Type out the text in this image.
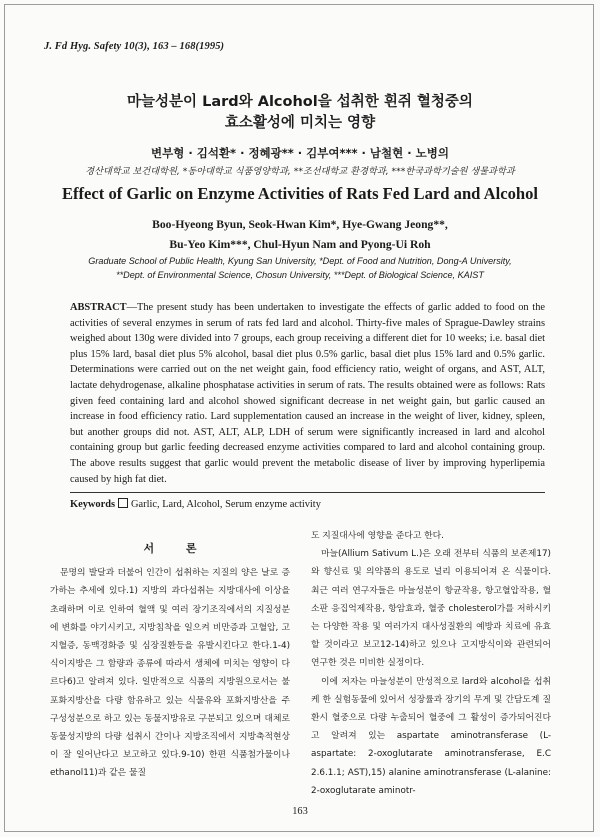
J. Fd Hyg. Safety 10(3), 163 – 168(1995)
마늘성분이 Lard와 Alcohol을 섭취한 흰쥐 혈청중의
효소활성에 미치는 영향
변부형 · 김석환* · 정혜광** · 김부여*** · 남철현 · 노병의
경산대학교 보건대학원, *동아대학교 식품영양학과, **조선대학교 환경학과, ***한국과학기술원 생물과학과
Effect of Garlic on Enzyme Activities of Rats Fed Lard and Alcohol
Boo-Hyeong Byun, Seok-Hwan Kim*, Hye-Gwang Jeong**,
Bu-Yeo Kim***, Chul-Hyun Nam and Pyong-Ui Roh
Graduate School of Public Health, Kyung San University, *Dept. of Food and Nutrition, Dong-A University,
**Dept. of Environmental Science, Chosun University, ***Dept. of Biological Science, KAIST

ABSTRACT—The present study has been undertaken to investigate the effects of garlic added to food on the activities of several enzymes in serum of rats fed lard and alcohol. Thirty-five males of Sprague-Dawley strains weighed about 130g were divided into 7 groups, each group receiving a different diet for 10 weeks; i.e. basal diet plus 15% lard, basal diet plus 5% alcohol, basal diet plus 0.5% garlic, basal diet plus 15% lard and 0.5% garlic. Determinations were carried out on the net weight gain, food efficiency ratio, weight of organs, and AST, ALT, lactate dehydrogenase, alkaline phosphatase activities in serum of rats. The results obtained were as follows: Rats given feed containing lard and alcohol showed significant decrease in net weight gain, but garlic caused an increase in food efficiency ratio. Lard supplementation caused an increase in the weight of liver, kidney, spleen, but another groups did not. AST, ALT, ALP, LDH of serum were significantly increased in lard and alcohol containing group but garlic feeding decreased enzyme activities compared to lard and alcohol containing group. The above results suggest that garlic would prevent the metabolic disease of liver by improving hyperlipemia caused by high fat diet.

Keywords Garlic, Lard, Alcohol, Serum enzyme activity
서 론

문명의 발달과 더불어 인간이 섭취하는 지질의 양은 날로 증가하는 추세에 있다.1) 지방의 과다섭취는 지방대사에 이상을 초래하며 이로 인하여 혈액 및 여러 장기조직에서의 지질성분에 변화를 야기시키고, 지방침착을 일으켜 비만증과 고혈압, 고지혈증, 동맥경화증 및 심장질환등을 유발시킨다고 한다.1-4) 식이지방은 그 함량과 종류에 따라서 생체에 미치는 영향이 다르다6)고 알려져 있다. 일반적으로 식품의 지방원으로서는 불포화지방산을 다량 함유하고 있는 식물유와 포화지방산을 주 구성성분으로 하고 있는 동물지방유로 구분되고 있으며 대체로 동물성지방의 다량 섭취시 간이나 지방조직에서 지방축적현상이 잘 일어난다고 보고하고 있다.9-10) 한편 식품첨가물이나 ethanol11)과 같은 물질

도 지질대사에 영향을 준다고 한다.

마늘(Allium Sativum L.)은 오래 전부터 식품의 보존제17)와 향신료 및 의약품의 용도로 널리 이용되어져 온 식물이다. 최근 여러 연구자들은 마늘성분이 항균작용, 항고혈압작용, 혈소판 응집억제작용, 항암효과, 혈중 cholesterol가를 저하시키는 다양한 작용 및 여러가지 대사성질환의 예방과 치료에 유효 할 것이라고 보고12-14)하고 있으나 고지방식이와 관련되어 연구한 것은 미비한 실정이다.

이에 저자는 마늘성분이 만성적으로 lard와 alcohol을 섭취케 한 실험동물에 있어서 성장률과 장기의 무게 및 간담도계 질환시 혈중으로 다량 누출되어 혈중에 그 활성이 증가되어진다고 알려져 있는 aspartate aminotransferase (L-aspartate: 2-oxoglutarate aminotransferase, E.C 2.6.1.1; AST),15) alanine aminotransferase (L-alanine: 2-oxoglutarate aminotr-

163
